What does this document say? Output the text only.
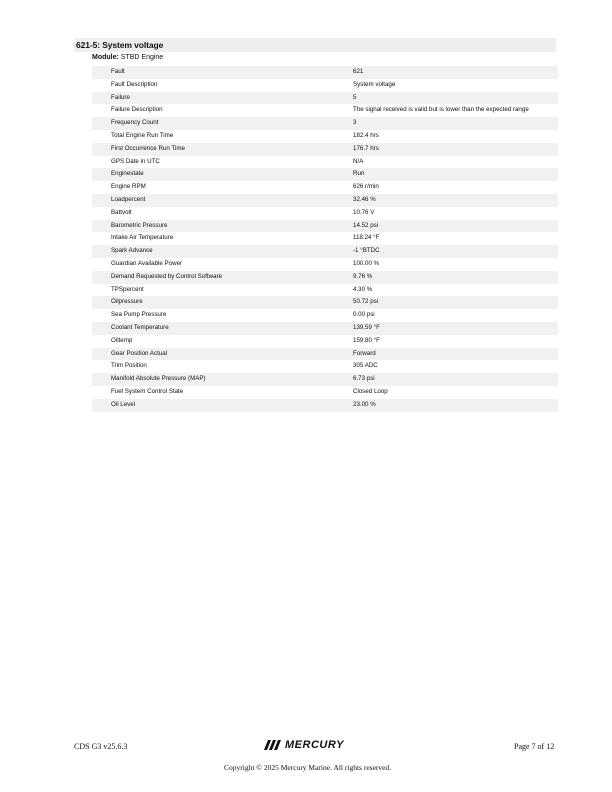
621-5: System voltage
Module: STBD Engine
Fault	621
Fault Description	System voltage
Failure	5
Failure Description	The signal received is valid but is lower than the expected range
Frequency Count	3
Total Engine Run Time	182.4 hrs
First Occurrence Run Time	176.7 hrs
GPS Date in UTC	N/A
Enginestate	Run
Engine RPM	626 r/min
Loadpercent	32.46 %
Battvolt	10.76 V
Barometric Pressure	14.52 psi
Intake Air Temperature	118.24 °F
Spark Advance	-1 °BTDC
Guardian Available Power	100.00 %
Demand Requested by Control Software	9.76 %
TPSpercent	4.30 %
Oilpressure	50.72 psi
Sea Pump Pressure	0.00 psi
Coolant Temperature	139.59 °F
Oiltemp	159.80 °F
Gear Position Actual	Forward
Trim Position	305 ADC
Manifold Absolute Pressure (MAP)	6.73 psi
Fuel System Control State	Closed Loop
Oil Level	23.00 %
CDS G3 v25.6.3	MERCURY	Page 7 of 12
Copyright © 2025 Mercury Marine. All rights reserved.
